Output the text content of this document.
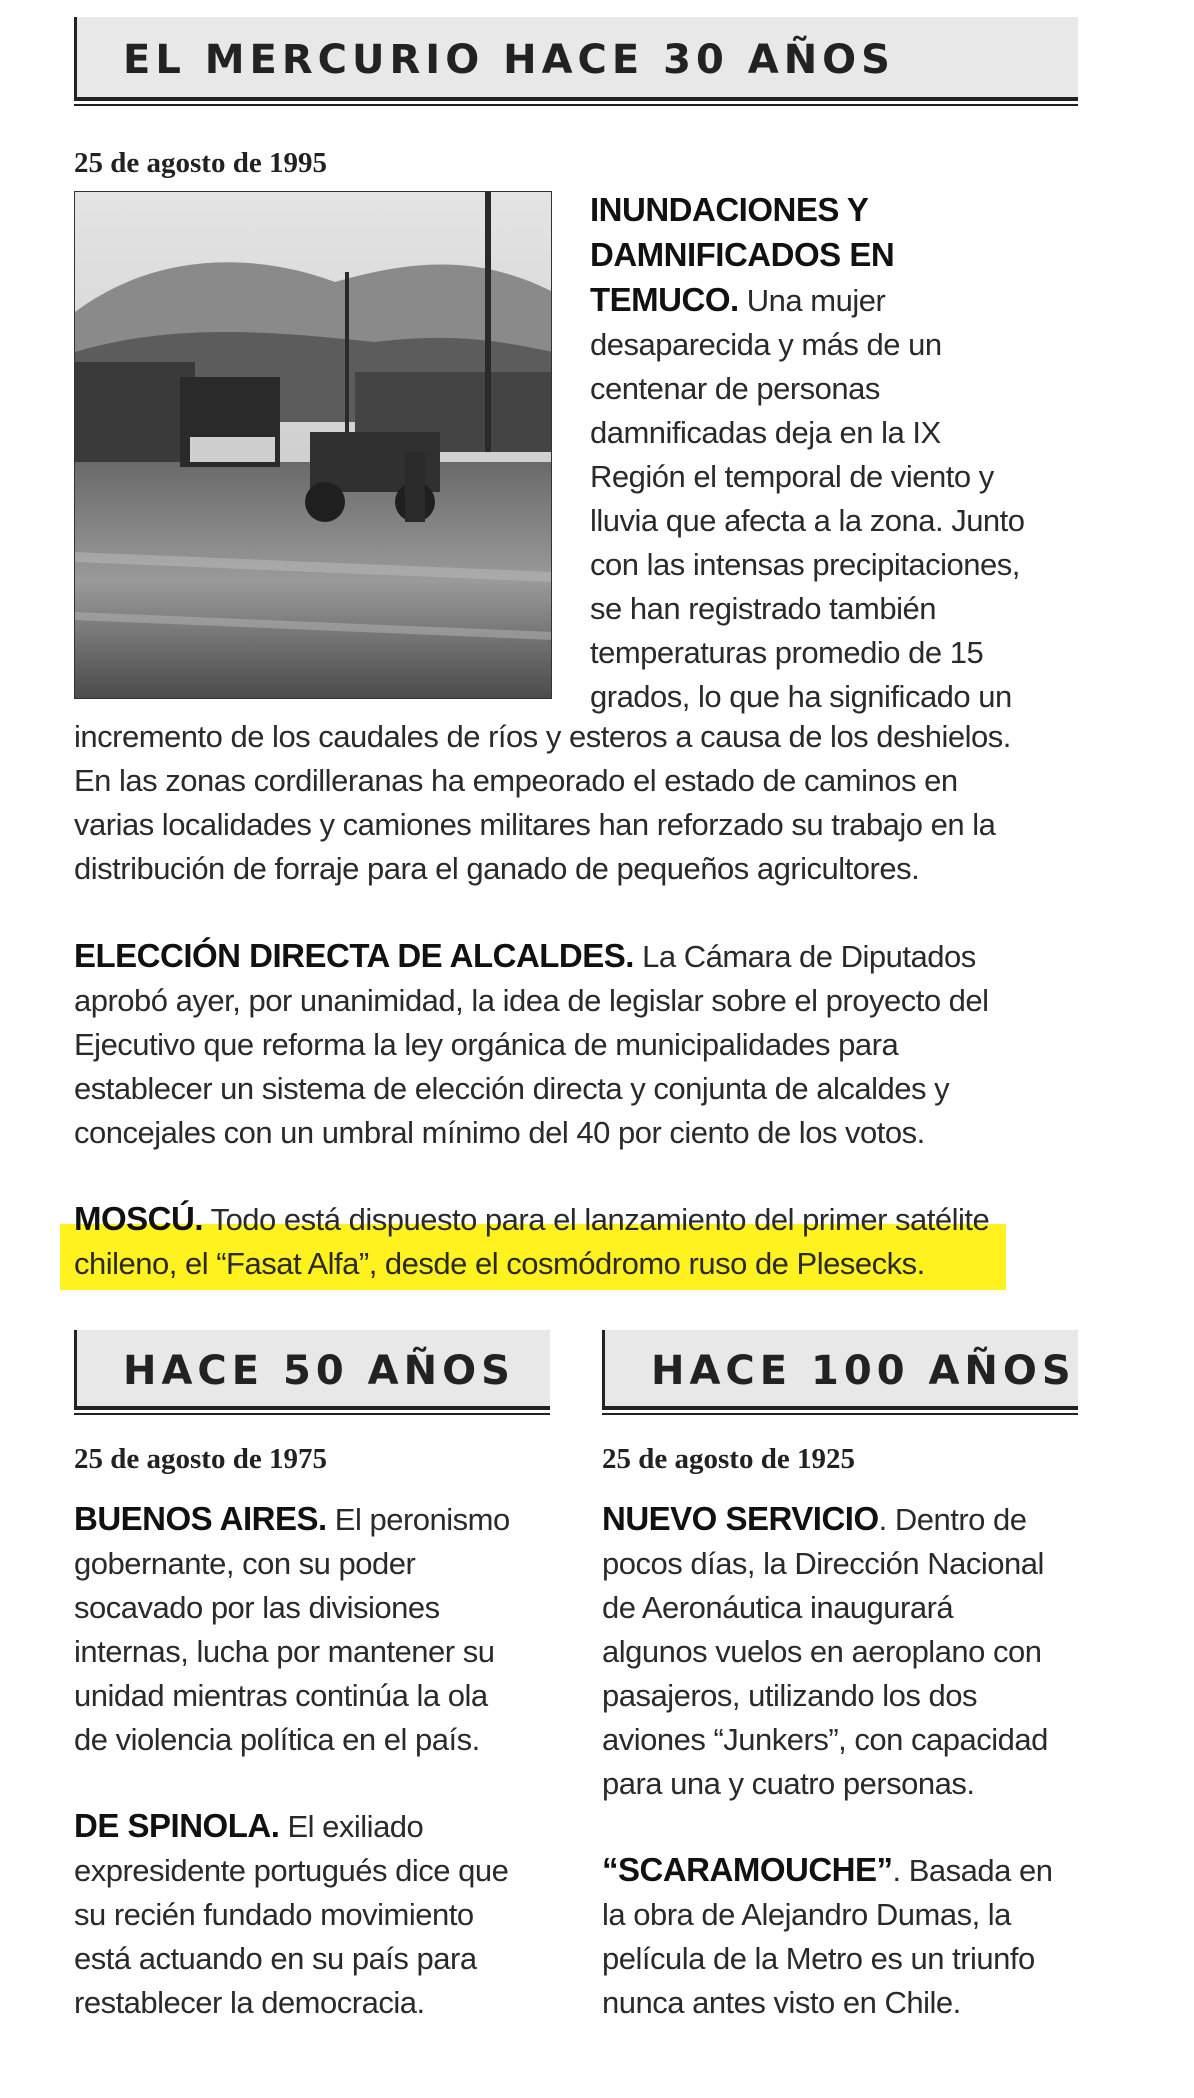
EL MERCURIO HACE 30 AÑOS
25 de agosto de 1995
INUNDACIONES Y
DAMNIFICADOS EN
TEMUCO. Una mujer
desaparecida y más de un
centenar de personas
damnificadas deja en la IX
Región el temporal de viento y
lluvia que afecta a la zona. Junto
con las intensas precipitaciones,
se han registrado también
temperaturas promedio de 15
grados, lo que ha significado un
incremento de los caudales de ríos y esteros a causa de los deshielos.
En las zonas cordilleranas ha empeorado el estado de caminos en
varias localidades y camiones militares han reforzado su trabajo en la
distribución de forraje para el ganado de pequeños agricultores.
ELECCIÓN DIRECTA DE ALCALDES. La Cámara de Diputados
aprobó ayer, por unanimidad, la idea de legislar sobre el proyecto del
Ejecutivo que reforma la ley orgánica de municipalidades para
establecer un sistema de elección directa y conjunta de alcaldes y
concejales con un umbral mínimo del 40 por ciento de los votos.
MOSCÚ. Todo está dispuesto para el lanzamiento del primer satélite
chileno, el “Fasat Alfa”, desde el cosmódromo ruso de Plesecks.
HACE 50 AÑOS
25 de agosto de 1975
BUENOS AIRES. El peronismo
gobernante, con su poder
socavado por las divisiones
internas, lucha por mantener su
unidad mientras continúa la ola
de violencia política en el país.
DE SPINOLA. El exiliado
expresidente portugués dice que
su recién fundado movimiento
está actuando en su país para
restablecer la democracia.
HACE 100 AÑOS
25 de agosto de 1925
NUEVO SERVICIO. Dentro de
pocos días, la Dirección Nacional
de Aeronáutica inaugurará
algunos vuelos en aeroplano con
pasajeros, utilizando los dos
aviones “Junkers”, con capacidad
para una y cuatro personas.
“SCARAMOUCHE”. Basada en
la obra de Alejandro Dumas, la
película de la Metro es un triunfo
nunca antes visto en Chile.
